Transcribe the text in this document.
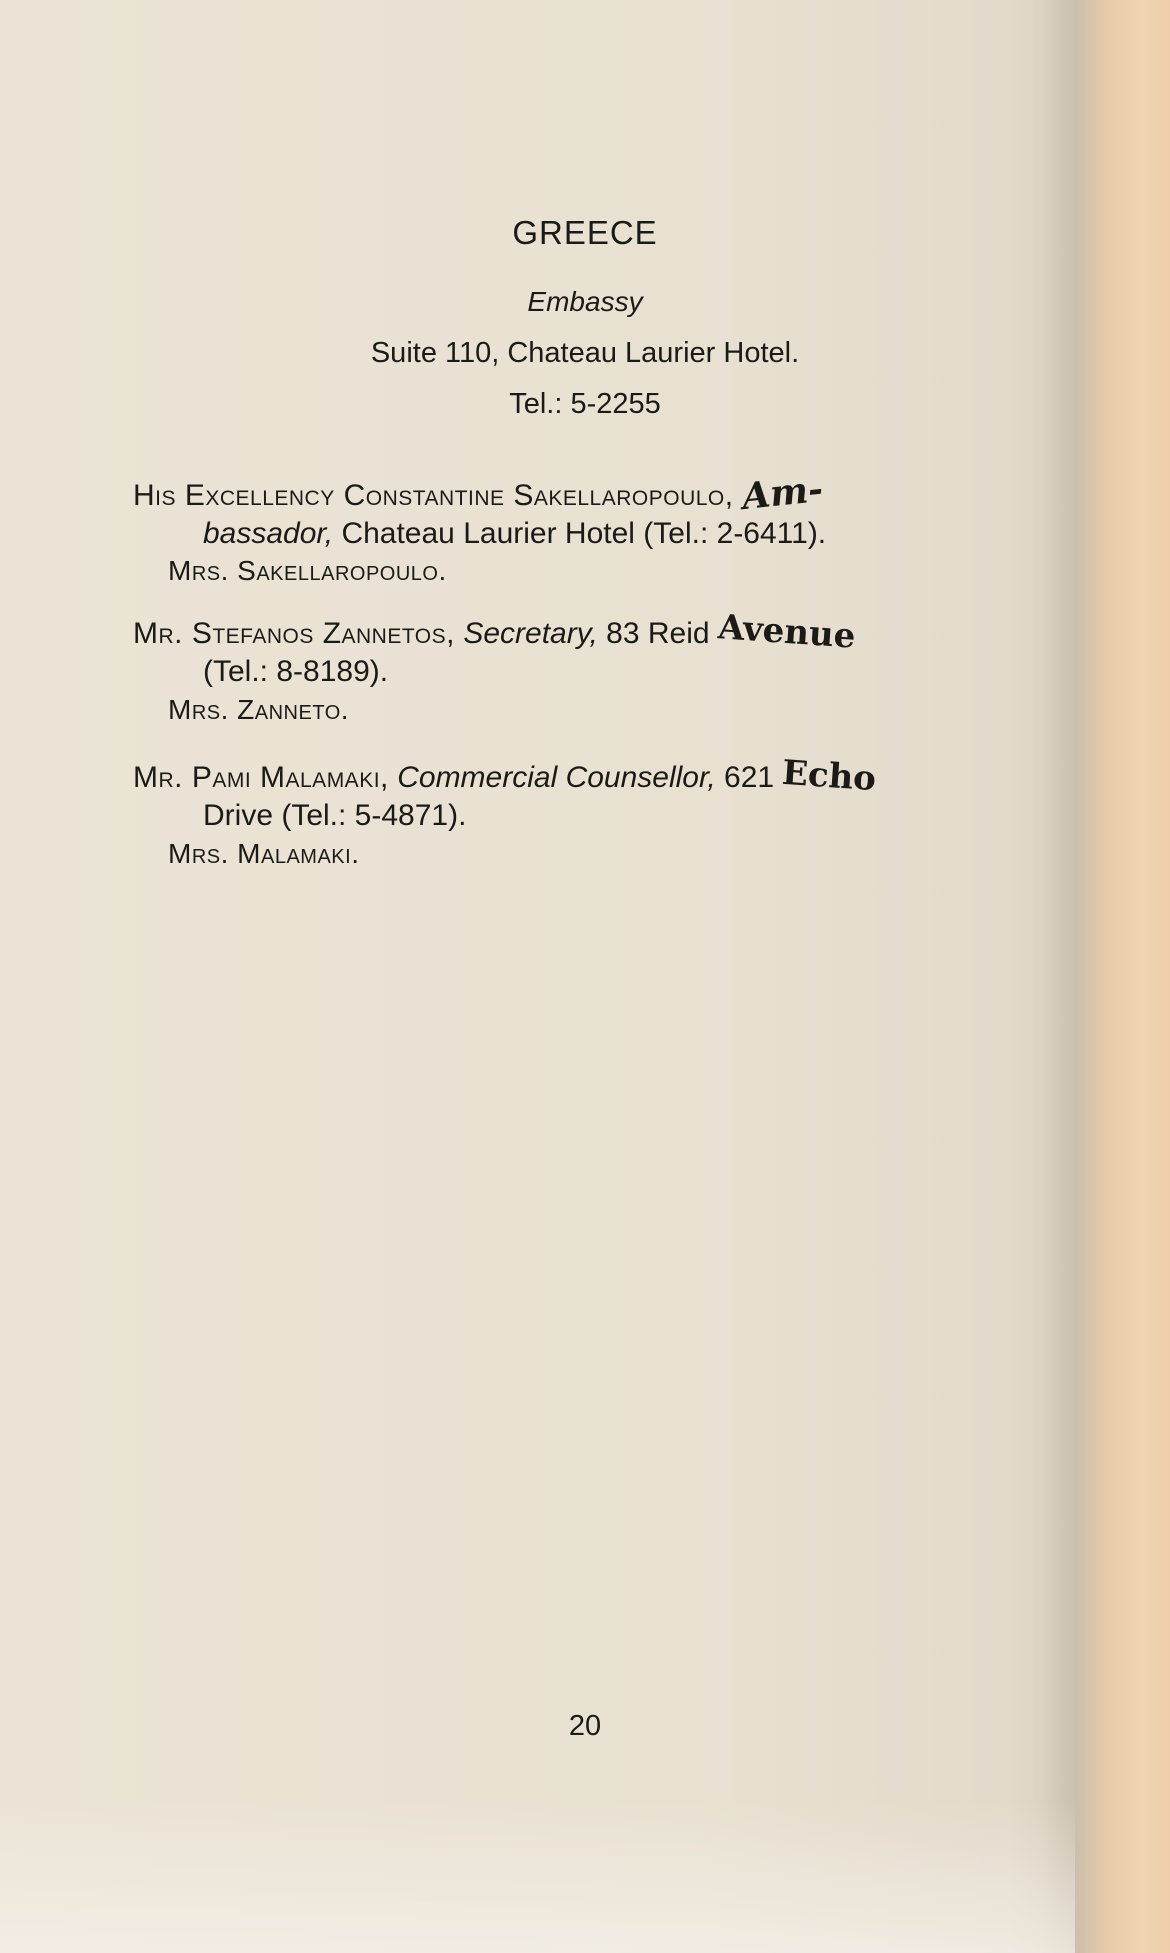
GREECE
Embassy
Suite 110, Chateau Laurier Hotel.
Tel.: 5-2255
His Excellency Constantine Sakellaropoulo, Am-
bassador, Chateau Laurier Hotel (Tel.: 2-6411).
Mrs. Sakellaropoulo.
Mr. Stefanos Zannetos, Secretary, 83 Reid Avenue
(Tel.: 8-8189).
Mrs. Zanneto.
Mr. Pami Malamaki, Commercial Counsellor, 621 Echo
Drive (Tel.: 5-4871).
Mrs. Malamaki.
20
